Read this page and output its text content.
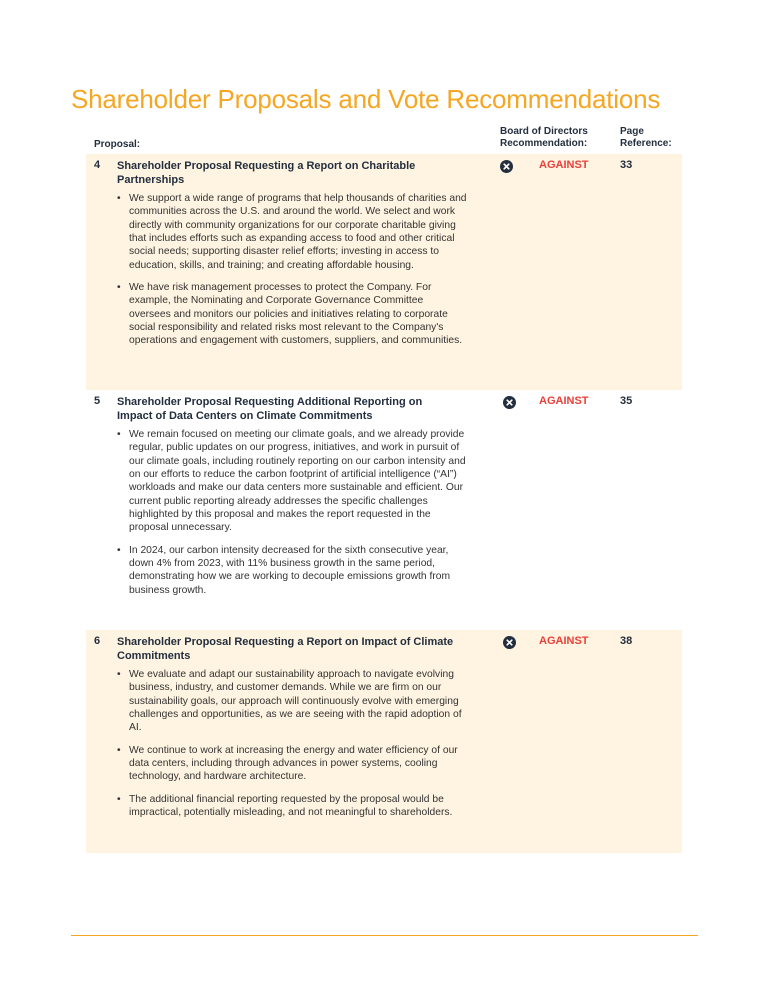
Shareholder Proposals and Vote Recommendations
Proposal:
Board of Directors
Recommendation:
Page
Reference:
4 Shareholder Proposal Requesting a Report on Charitable Partnerships
• We support a wide range of programs that help thousands of charities and communities across the U.S. and around the world. We select and work directly with community organizations for our corporate charitable giving that includes efforts such as expanding access to food and other critical social needs; supporting disaster relief efforts; investing in access to education, skills, and training; and creating affordable housing.
• We have risk management processes to protect the Company. For example, the Nominating and Corporate Governance Committee oversees and monitors our policies and initiatives relating to corporate social responsibility and related risks most relevant to the Company's operations and engagement with customers, suppliers, and communities.
AGAINST	33
5 Shareholder Proposal Requesting Additional Reporting on Impact of Data Centers on Climate Commitments
• We remain focused on meeting our climate goals, and we already provide regular, public updates on our progress, initiatives, and work in pursuit of our climate goals, including routinely reporting on our carbon intensity and on our efforts to reduce the carbon footprint of artificial intelligence (“AI”) workloads and make our data centers more sustainable and efficient. Our current public reporting already addresses the specific challenges highlighted by this proposal and makes the report requested in the proposal unnecessary.
• In 2024, our carbon intensity decreased for the sixth consecutive year, down 4% from 2023, with 11% business growth in the same period, demonstrating how we are working to decouple emissions growth from business growth.
AGAINST	35
6 Shareholder Proposal Requesting a Report on Impact of Climate Commitments
• We evaluate and adapt our sustainability approach to navigate evolving business, industry, and customer demands. While we are firm on our sustainability goals, our approach will continuously evolve with emerging challenges and opportunities, as we are seeing with the rapid adoption of AI.
• We continue to work at increasing the energy and water efficiency of our data centers, including through advances in power systems, cooling technology, and hardware architecture.
• The additional financial reporting requested by the proposal would be impractical, potentially misleading, and not meaningful to shareholders.
AGAINST	38
